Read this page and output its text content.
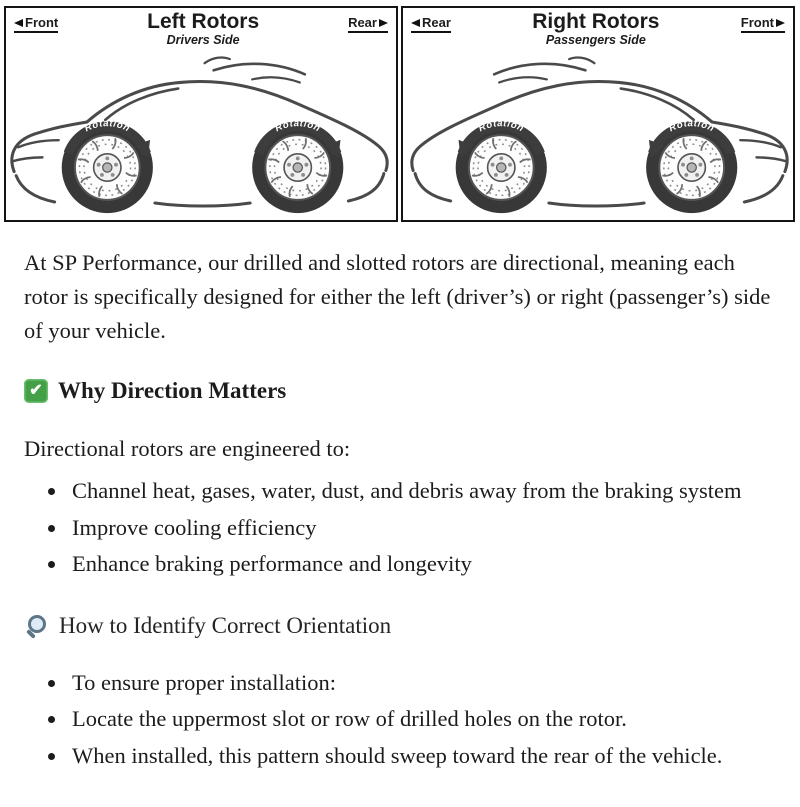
Front	Left Rotors
Drivers Side
Rear
Rotation	Rotation
Rear	Right Rotors
Passengers Side
Front
Rotation	Rotation

At SP Performance, our drilled and slotted rotors are directional, meaning each rotor is specifically designed for either the left (driver’s) or right (passenger’s) side of your vehicle.

✔ Why Direction Matters

Directional rotors are engineered to:

• Channel heat, gases, water, dust, and debris away from the braking system
• Improve cooling efficiency
• Enhance braking performance and longevity
How to Identify Correct Orientation
• To ensure proper installation:
• Locate the uppermost slot or row of drilled holes on the rotor.
• When installed, this pattern should sweep toward the rear of the vehicle.
